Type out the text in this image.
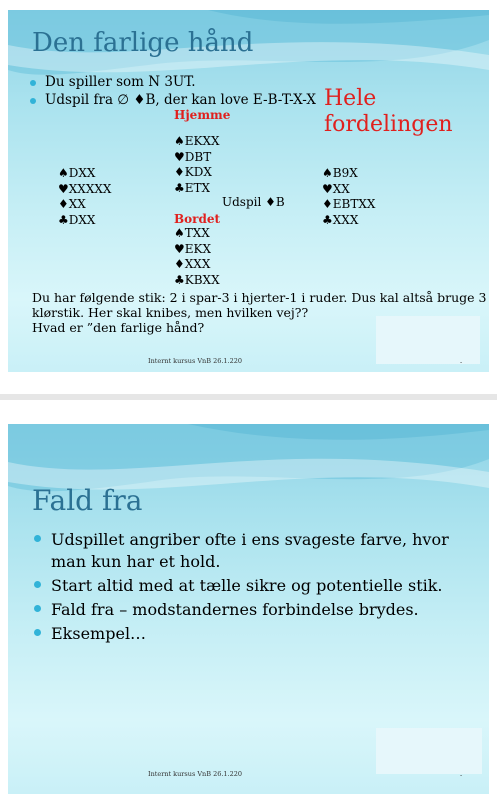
Den farlige hånd
Du spiller som N 3UT.
Udspil fra ∅ ♦B, der kan love E-B-T-X-X Hele
fordelingen
Hjemme
♠EKXX
♥DBT
♦KDX
♣ETX
♠DXX
♥XXXXX
♦XX
♣DXX
♠B9X
♥XX
♦EBTXX
♣XXX
Udspil ♦B
Bordet
♠TXX
♥EKX
♦XXX
♣KBXX
Du har følgende stik: 2 i spar-3 i hjerter-1 i ruder. Dus kal altså bruge 3
klørstik. Her skal knibes, men hvilken vej??
Hvad er ”den farlige hånd?
Internt kursus VnB 26.1.220	-
Fald fra
Udspillet angriber ofte i ens svageste farve, hvor
man kun har et hold.
Start altid med at tælle sikre og potentielle stik.
Fald fra – modstandernes forbindelse brydes.
Eksempel…
Internt kursus VnB 26.1.220	-
